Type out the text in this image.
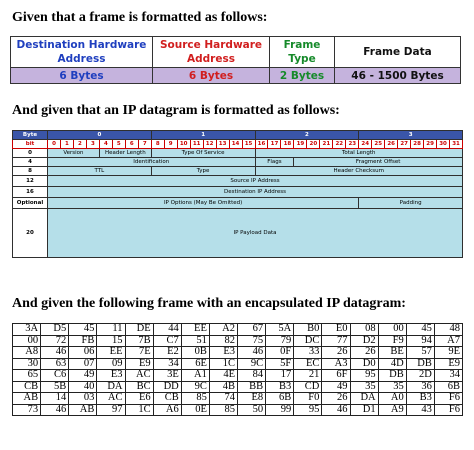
Given that a frame is formatted as follows:
Destination Hardware Address	Source Hardware Address	Frame Type	Frame Data
6 Bytes	6 Bytes	2 Bytes	46 - 1500 Bytes
And given that an IP datagram is formatted as follows:
Byte	0								1								2								3							
bit	0	1	2	3	4	5	6	7	8	9	10	11	12	13	14	15	16	17	18	19	20	21	22	23	24	25	26	27	28	29	30	31
0	Version				Header Length				Type Of Service								Total Length															
4	Identification																Flags			Fragment Offset												
8	TTL								Type								Header Checksum															
12	Source IP Address																															
16	Destination IP Address																															
Optional	IP Options (May Be Omitted)																								Padding							
20	IP Payload Data																															
And given the following frame with an encapsulated IP datagram:
3A	D5	45	11	DE	44	EE	A2	67	5A	B0	E0	08	00	45	48
00	72	FB	15	7B	C7	51	82	75	79	DC	77	D2	F9	94	A7
A8	46	06	EE	7E	E2	0B	E3	46	0F	33	26	26	BE	57	9E
30	63	07	09	E9	34	6E	1C	9C	5F	EC	A3	D0	4D	DB	E9
65	C6	49	E3	AC	3E	A1	4E	84	17	21	6F	95	DB	2D	34
CB	5B	40	DA	BC	DD	9C	4B	BB	B3	CD	49	35	35	36	6B
AB	14	03	AC	E6	CB	85	74	E8	6B	F0	26	DA	A0	B3	F6
73	46	AB	97	1C	A6	0E	85	50	99	95	46	D1	A9	43	F6
